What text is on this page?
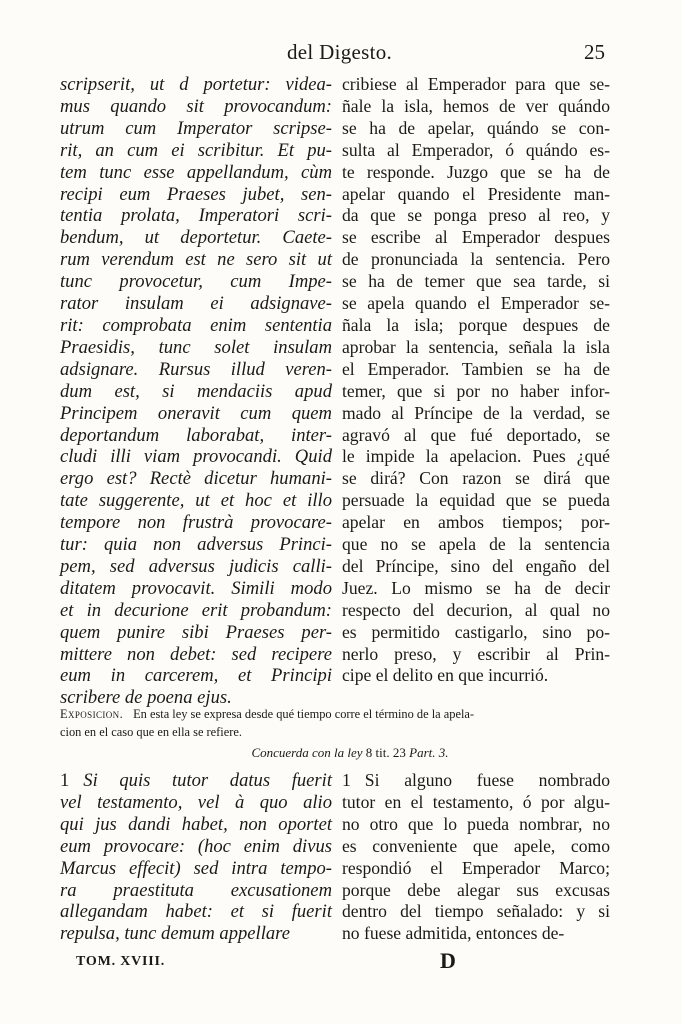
del Digesto.	25
scripserit, ut d portetur: videa-
mus quando sit provocandum:
utrum cum Imperator scripse-
rit, an cum ei scribitur. Et pu-
tem tunc esse appellandum, cùm
recipi eum Praeses jubet, sen-
tentia prolata, Imperatori scri-
bendum, ut deportetur. Caete-
rum verendum est ne sero sit ut
tunc provocetur, cum Impe-
rator insulam ei adsignave-
rit: comprobata enim sententia
Praesidis, tunc solet insulam
adsignare. Rursus illud veren-
dum est, si mendaciis apud
Principem oneravit cum quem
deportandum laborabat, inter-
cludi illi viam provocandi. Quid
ergo est? Rectè dicetur humani-
tate suggerente, ut et hoc et illo
tempore non frustrà provocare-
tur: quia non adversus Princi-
pem, sed adversus judicis calli-
ditatem provocavit. Simili modo
et in decurione erit probandum:
quem punire sibi Praeses per-
mittere non debet: sed recipere
eum in carcerem, et Principi
scribere de poena ejus.
cribiese al Emperador para que se-
ñale la isla, hemos de ver quándo
se ha de apelar, quándo se con-
sulta al Emperador, ó quándo es-
te responde. Juzgo que se ha de
apelar quando el Presidente man-
da que se ponga preso al reo, y
se escribe al Emperador despues
de pronunciada la sentencia. Pero
se ha de temer que sea tarde, si
se apela quando el Emperador se-
ñala la isla; porque despues de
aprobar la sentencia, señala la isla
el Emperador. Tambien se ha de
temer, que si por no haber infor-
mado al Príncipe de la verdad, se
agravó al que fué deportado, se
le impide la apelacion. Pues ¿qué
se dirá? Con razon se dirá que
persuade la equidad que se pueda
apelar en ambos tiempos; por-
que no se apela de la sentencia
del Príncipe, sino del engaño del
Juez. Lo mismo se ha de decir
respecto del decurion, al qual no
es permitido castigarlo, sino po-
nerlo preso, y escribir al Prin-
cipe el delito en que incurrió.
Exposicion. En esta ley se expresa desde qué tiempo corre el término de la apela-
cion en el caso que en ella se refiere.
Concuerda con la ley 8 tit. 23 Part. 3.
1 Si quis tutor datus fuerit
vel testamento, vel à quo alio
qui jus dandi habet, non oportet
eum provocare: (hoc enim divus
Marcus effecit) sed intra tempo-
ra praestituta excusationem
allegandam habet: et si fuerit
repulsa, tunc demum appellare
1 Si alguno fuese nombrado
tutor en el testamento, ó por algu-
no otro que lo pueda nombrar, no
es conveniente que apele, como
respondió el Emperador Marco;
porque debe alegar sus excusas
dentro del tiempo señalado: y si
no fuese admitida, entonces de-
TOM. XVIII.	D
